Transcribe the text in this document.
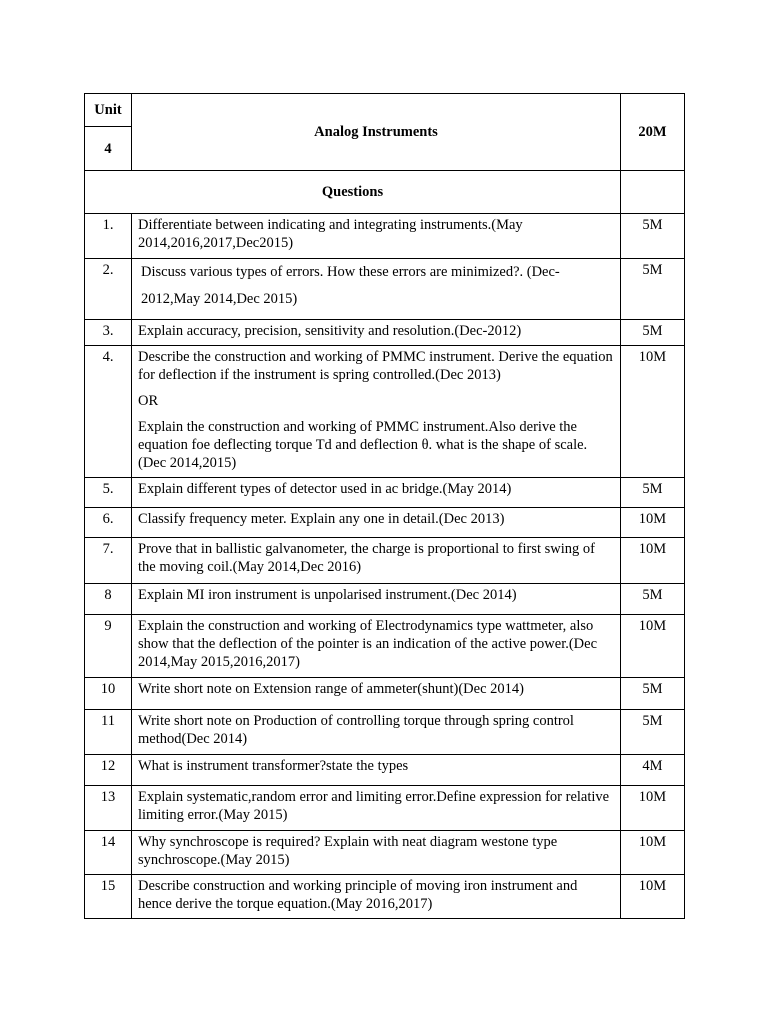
Unit	Analog Instruments	20M
4		
Questions		
1.	Differentiate between indicating and integrating instruments.(May 2014,2016,2017,Dec2015)	5M
2.	Discuss various types of errors. How these errors are minimized?. (Dec-2012,May 2014,Dec 2015)	5M
3.	Explain accuracy, precision, sensitivity and resolution.(Dec-2012)	5M
4.	Describe the construction and working of PMMC instrument. Derive the equation for deflection if the instrument is spring controlled.(Dec 2013)
OR
Explain the construction and working of PMMC instrument.Also derive the equation foe deflecting torque Td and deflection θ. what is the shape of scale.(Dec 2014,2015)	10M
5.	Explain different types of detector used in ac bridge.(May 2014)	5M
6.	Classify frequency meter. Explain any one in detail.(Dec 2013)	10M
7.	Prove that in ballistic galvanometer, the charge is proportional to first swing of the moving coil.(May 2014,Dec 2016)	10M
8	Explain MI iron instrument is unpolarised instrument.(Dec 2014)	5M
9	Explain the construction and working of Electrodynamics type wattmeter, also show that the deflection of the pointer is an indication of the active power.(Dec 2014,May 2015,2016,2017)	10M
10	Write short note on Extension range of ammeter(shunt)(Dec 2014)	5M
11	Write short note on Production of controlling torque through spring control method(Dec 2014)	5M
12	What is instrument transformer?state the types	4M
13	Explain systematic,random error and limiting error.Define expression for relative limiting error.(May 2015)	10M
14	Why synchroscope is required? Explain with neat diagram westone type synchroscope.(May 2015)	10M
15	Describe construction and working principle of moving iron instrument and hence derive the torque equation.(May 2016,2017)	10M
